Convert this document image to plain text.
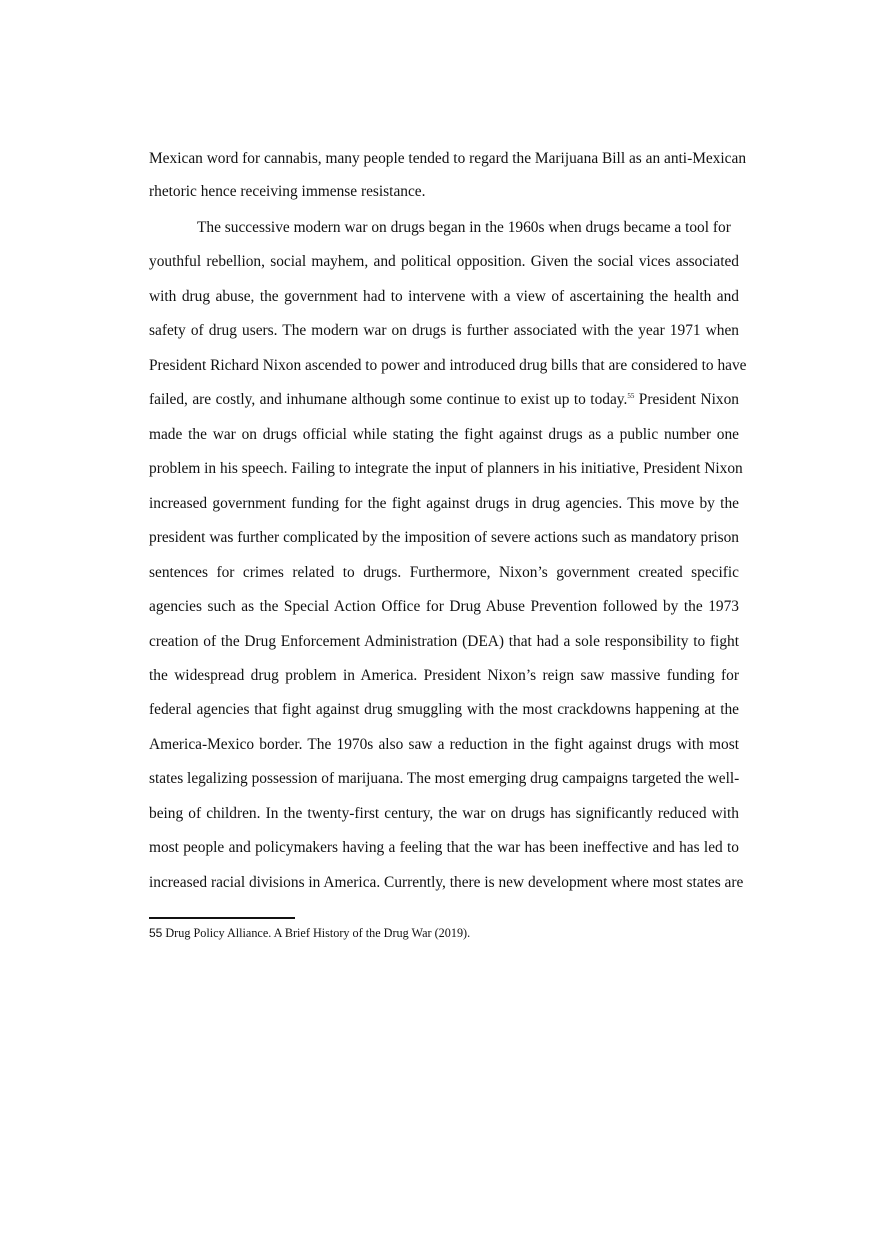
Mexican word for cannabis, many people tended to regard the Marijuana Bill as an anti-Mexican
rhetoric hence receiving immense resistance.
The successive modern war on drugs began in the 1960s when drugs became a tool for
youthful rebellion, social mayhem, and political opposition. Given the social vices associated
with drug abuse, the government had to intervene with a view of ascertaining the health and
safety of drug users. The modern war on drugs is further associated with the year 1971 when
President Richard Nixon ascended to power and introduced drug bills that are considered to have
failed, are costly, and inhumane although some continue to exist up to today.$^{55}$ President Nixon
made the war on drugs official while stating the fight against drugs as a public number one
problem in his speech. Failing to integrate the input of planners in his initiative, President Nixon
increased government funding for the fight against drugs in drug agencies. This move by the
president was further complicated by the imposition of severe actions such as mandatory prison
sentences for crimes related to drugs. Furthermore, Nixon’s government created specific
agencies such as the Special Action Office for Drug Abuse Prevention followed by the 1973
creation of the Drug Enforcement Administration (DEA) that had a sole responsibility to fight
the widespread drug problem in America. President Nixon’s reign saw massive funding for
federal agencies that fight against drug smuggling with the most crackdowns happening at the
America-Mexico border. The 1970s also saw a reduction in the fight against drugs with most
states legalizing possession of marijuana. The most emerging drug campaigns targeted the well-
being of children. In the twenty-first century, the war on drugs has significantly reduced with
most people and policymakers having a feeling that the war has been ineffective and has led to
increased racial divisions in America. Currently, there is new development where most states are
55 Drug Policy Alliance. A Brief History of the Drug War (2019).
